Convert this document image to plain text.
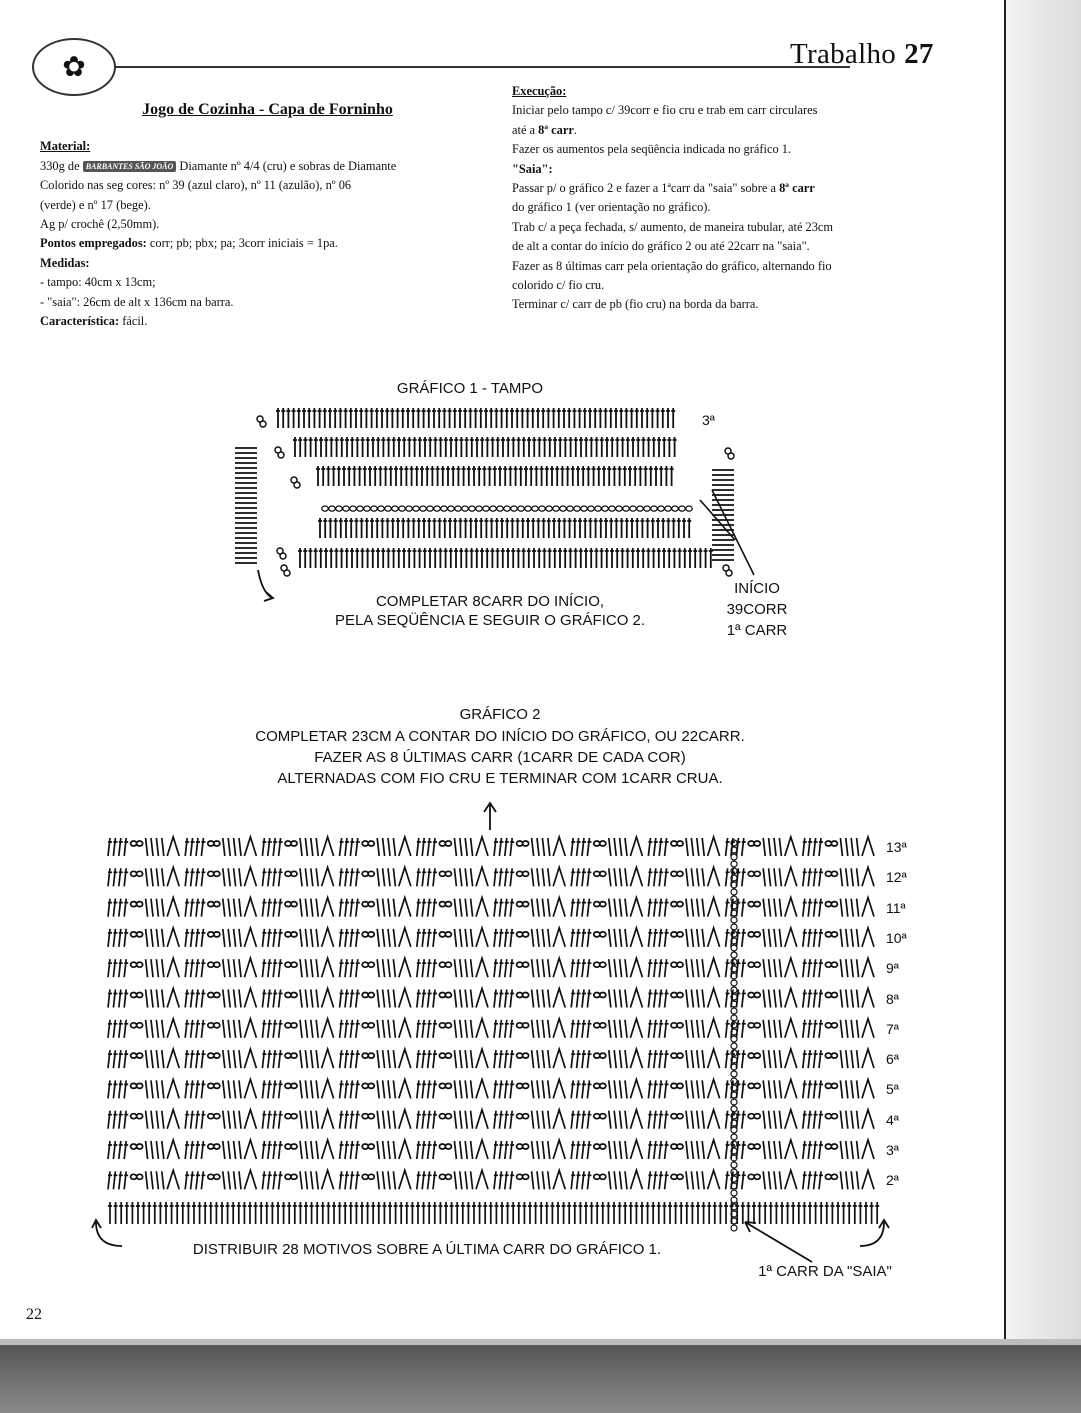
✿	Trabalho 27
Jogo de Cozinha - Capa de Forninho

Material:

330g de BARBANTES SÃO JOÃO Diamante nº 4/4 (cru) e sobras de Diamante

Colorido nas seg cores: nº 39 (azul claro), nº 11 (azulão), nº 06

(verde) e nº 17 (bege).

Ag p/ crochê (2,50mm).

Pontos empregados: corr; pb; pbx; pa; 3corr iniciais = 1pa.

Medidas:

- tampo: 40cm x 13cm;

- "saia": 26cm de alt x 136cm na barra.

Característica: fácil.

Execução:

Iniciar pelo tampo c/ 39corr e fio cru e trab em carr circulares

até a 8ª carr.

Fazer os aumentos pela seqüência indicada no gráfico 1.

"Saia":

Passar p/ o gráfico 2 e fazer a 1ªcarr da "saia" sobre a 8ª carr

do gráfico 1 (ver orientação no gráfico).

Trab c/ a peça fechada, s/ aumento, de maneira tubular, até 23cm

de alt a contar do início do gráfico 2 ou até 22carr na "saia".

Fazer as 8 últimas carr pela orientação do gráfico, alternando fio

colorido c/ fio cru.

Terminar c/ carr de pb (fio cru) na borda da barra.

GRÁFICO 1 - TAMPO
3ª
COMPLETAR 8CARR DO INÍCIO,
PELA SEQÜÊNCIA E SEGUIR O GRÁFICO 2.
INÍCIO
39CORR
1ª CARR
GRÁFICO 2
COMPLETAR 23CM A CONTAR DO INÍCIO DO GRÁFICO, OU 22CARR.
FAZER AS 8 ÚLTIMAS CARR (1CARR DE CADA COR)
ALTERNADAS COM FIO CRU E TERMINAR COM 1CARR CRUA.
13ª
12ª
11ª
10ª
9ª
8ª
7ª
6ª
5ª
4ª
3ª
2ª
DISTRIBUIR 28 MOTIVOS SOBRE A ÚLTIMA CARR DO GRÁFICO 1.
1ª CARR DA "SAIA"
22
